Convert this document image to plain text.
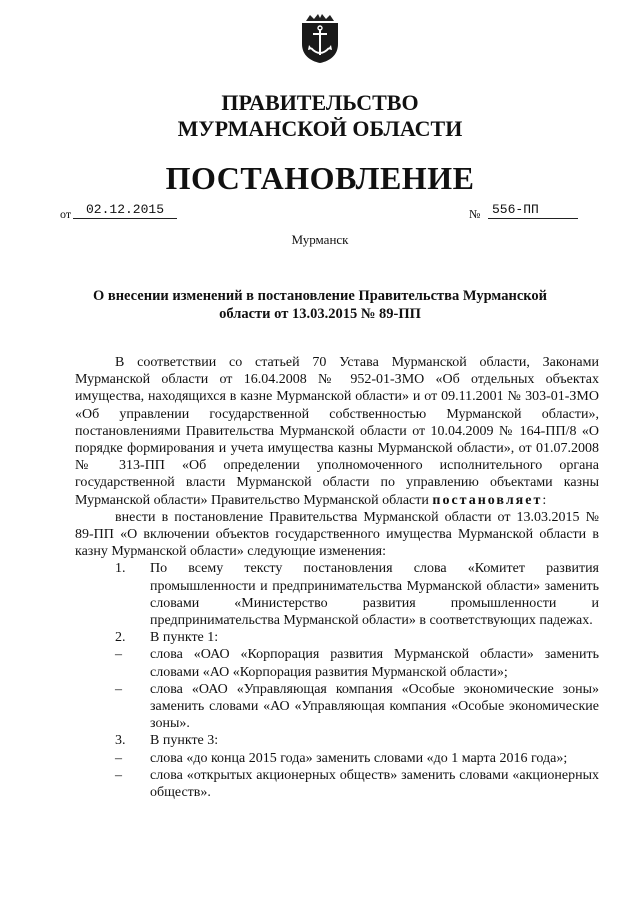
ПРАВИТЕЛЬСТВО
МУРМАНСКОЙ ОБЛАСТИ
ПОСТАНОВЛЕНИЕ
от	02.12.2015	№ 556-ПП
Мурманск
О внесении изменений в постановление Правительства Мурманской
области от 13.03.2015 № 89-ПП

В соответствии со статьей 70 Устава Мурманской области, Законами Мурманской области от 16.04.2008 № 952-01-ЗМО «Об отдельных объектах имущества, находящихся в казне Мурманской области» и от 09.11.2001 № 303-01-ЗМО «Об управлении государственной собственностью Мурманской области», постановлениями Правительства Мурманской области от 10.04.2009 № 164-ПП/8 «О порядке формирования и учета имущества казны Мурманской области», от 01.07.2008 № 313-ПП «Об определении уполномоченного исполнительного органа государственной власти Мурманской области по управлению объектами казны Мурманской области» Правительство Мурманской области постановляет:

внести в постановление Правительства Мурманской области от 13.03.2015 № 89-ПП «О включении объектов государственного имущества Мурманской области в казну Мурманской области» следующие изменения:

1.	По всему тексту постановления слова «Комитет развития промышленности и предпринимательства Мурманской области» заменить словами «Министерство развития промышленности и предпринимательства Мурманской области» в соответствующих падежах.
2.	В пункте 1:
–	слова «ОАО «Корпорация развития Мурманской области» заменить словами «АО «Корпорация развития Мурманской области»;
–	слова «ОАО «Управляющая компания «Особые экономические зоны» заменить словами «АО «Управляющая компания «Особые экономические зоны».
3.	В пункте 3:
–	слова «до конца 2015 года» заменить словами «до 1 марта 2016 года»;
–	слова «открытых акционерных обществ» заменить словами «акционерных обществ».
